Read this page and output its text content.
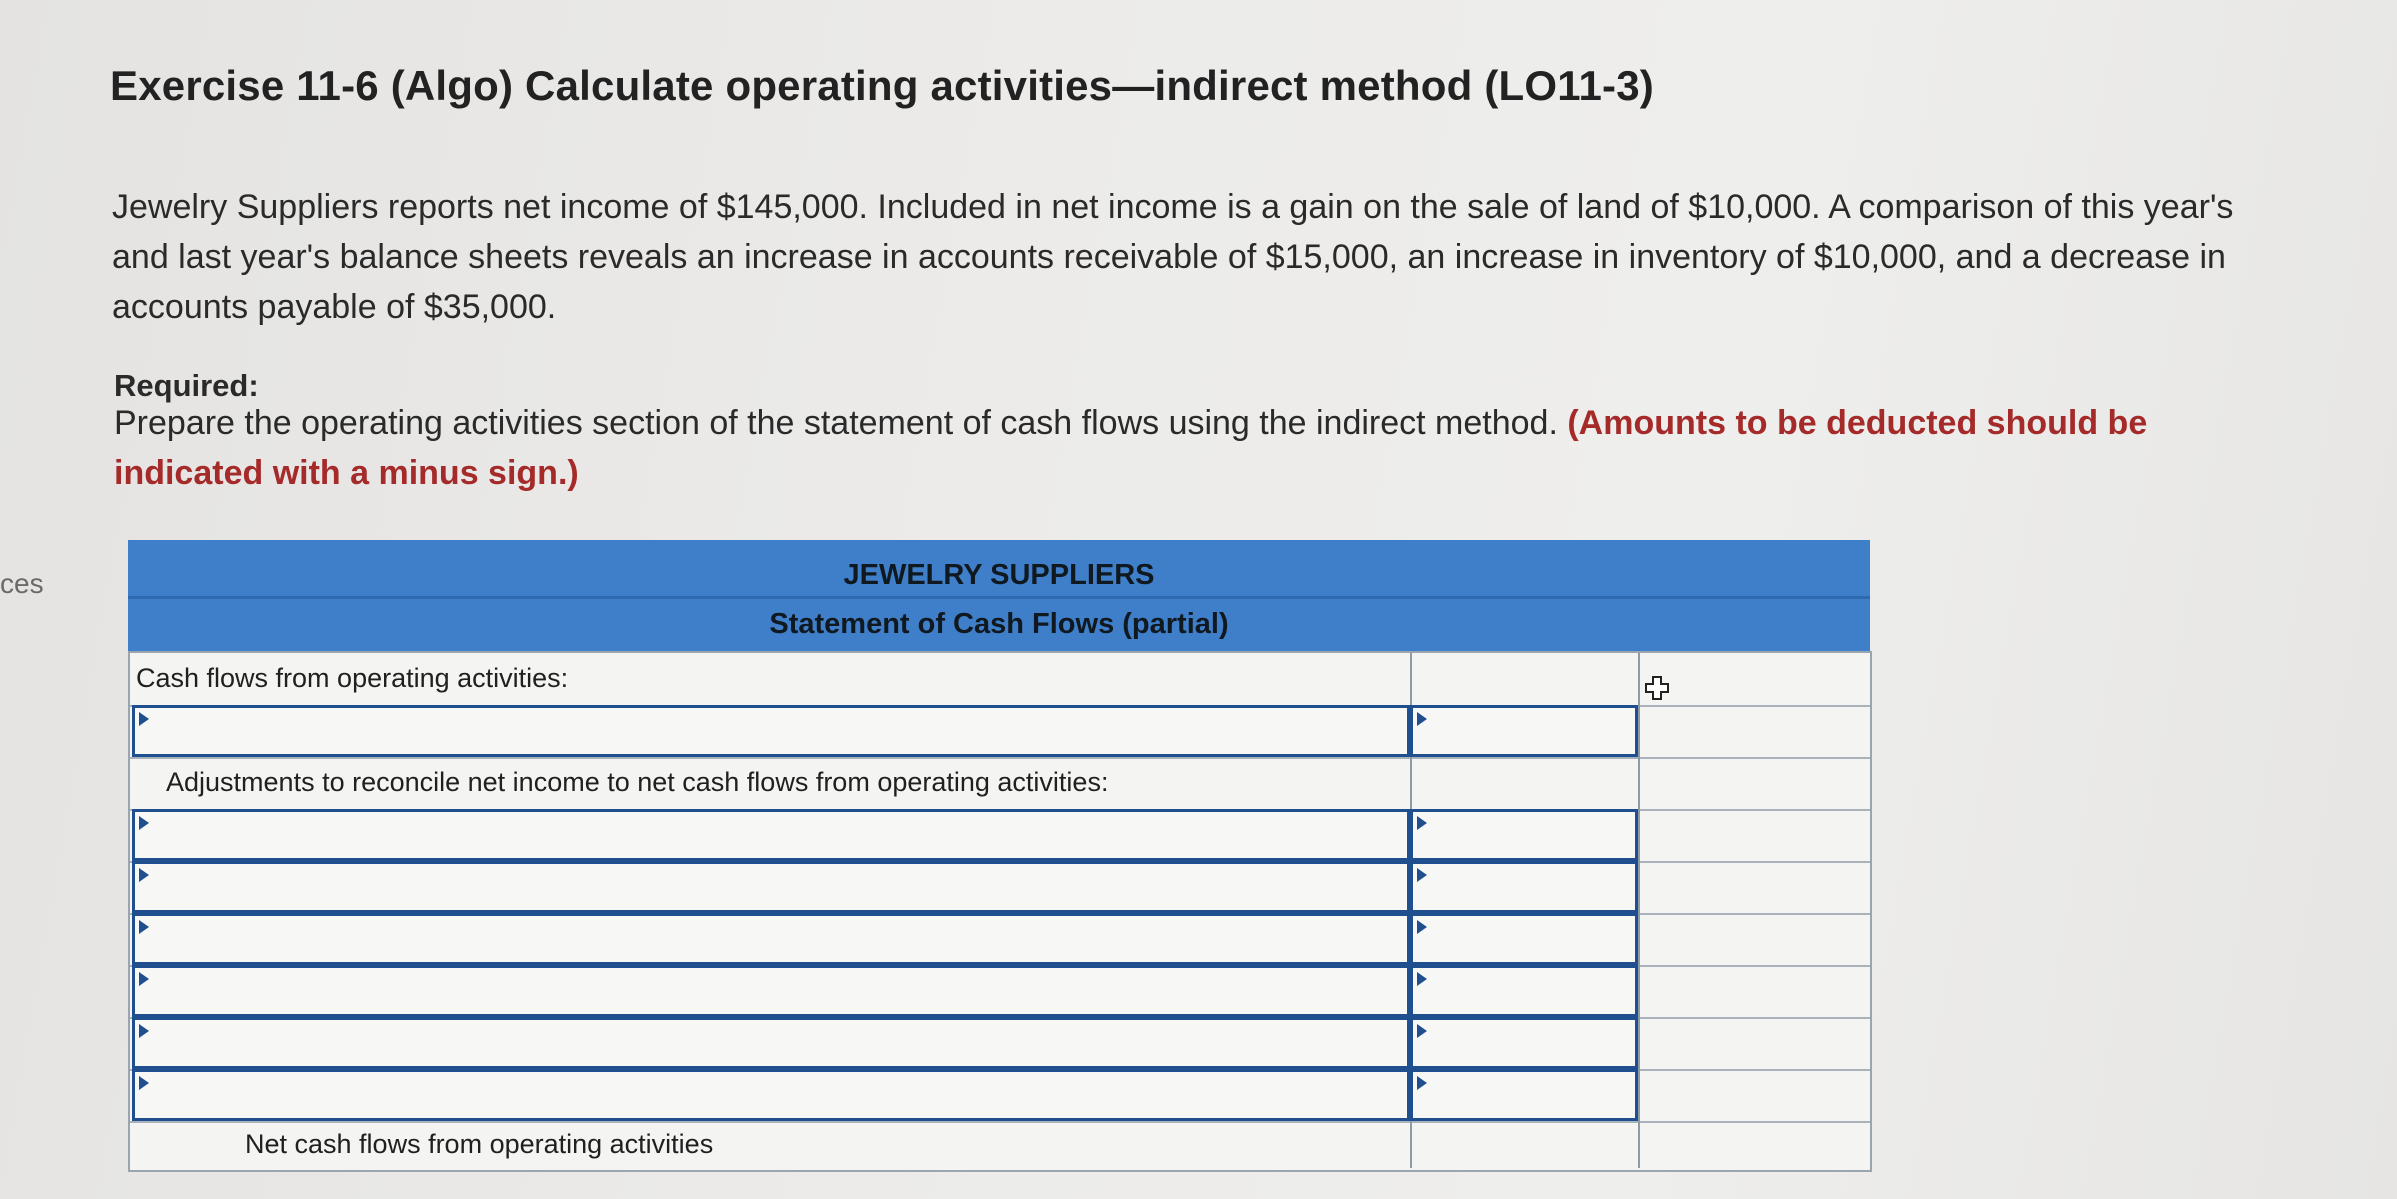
ces
Exercise 11-6 (Algo) Calculate operating activities—indirect method (LO11-3)
Jewelry Suppliers reports net income of $145,000. Included in net income is a gain on the sale of land of $10,000. A comparison of this year's and last year's balance sheets reveals an increase in accounts receivable of $15,000, an increase in inventory of $10,000, and a decrease in accounts payable of $35,000.
Required:
Prepare the operating activities section of the statement of cash flows using the indirect method. (Amounts to be deducted should be indicated with a minus sign.)
JEWELRY SUPPLIERS
Statement of Cash Flows (partial)
Cash flows from operating activities:
Adjustments to reconcile net income to net cash flows from operating activities:
Net cash flows from operating activities
